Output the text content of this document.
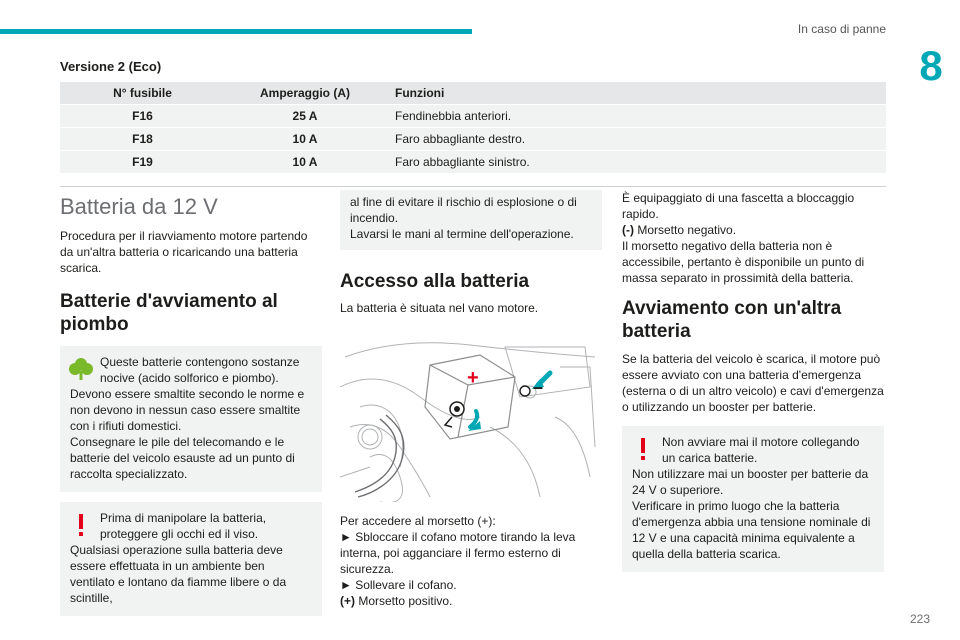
In caso di panne
8
Versione 2 (Eco)
N° fusibile	Amperaggio (A)	Funzioni
F16	25 A	Fendinebbia anteriori.
F18	10 A	Faro abbagliante destro.
F19	10 A	Faro abbagliante sinistro.
Batteria da 12 V
Procedura per il riavviamento motore partendo da un'altra batteria o ricaricando una batteria scarica.
Batterie d'avviamento al piombo
Queste batterie contengono sostanze nocive (acido solforico e piombo).
Devono essere smaltite secondo le norme e non devono in nessun caso essere smaltite con i rifiuti domestici.
Consegnare le pile del telecomando e le batterie del veicolo esauste ad un punto di raccolta specializzato.
Prima di manipolare la batteria, proteggere gli occhi ed il viso.
Qualsiasi operazione sulla batteria deve essere effettuata in un ambiente ben ventilato e lontano da fiamme libere o da scintille,
al fine di evitare il rischio di esplosione o di incendio.
Lavarsi le mani al termine dell'operazione.
Accesso alla batteria
La batteria è situata nel vano motore.
+	–
Per accedere al morsetto (+):
► Sbloccare il cofano motore tirando la leva interna, poi agganciare il fermo esterno di sicurezza.
► Sollevare il cofano.
(+) Morsetto positivo.
È equipaggiato di una fascetta a bloccaggio rapido.
(-) Morsetto negativo.
Il morsetto negativo della batteria non è accessibile, pertanto è disponibile un punto di massa separato in prossimità della batteria.
Avviamento con un'altra batteria
Se la batteria del veicolo è scarica, il motore può essere avviato con una batteria d'emergenza (esterna o di un altro veicolo) e cavi d'emergenza o utilizzando un booster per batterie.
Non avviare mai il motore collegando un carica batterie.
Non utilizzare mai un booster per batterie da 24 V o superiore.
Verificare in primo luogo che la batteria d'emergenza abbia una tensione nominale di 12 V e una capacità minima equivalente a quella della batteria scarica.
223
